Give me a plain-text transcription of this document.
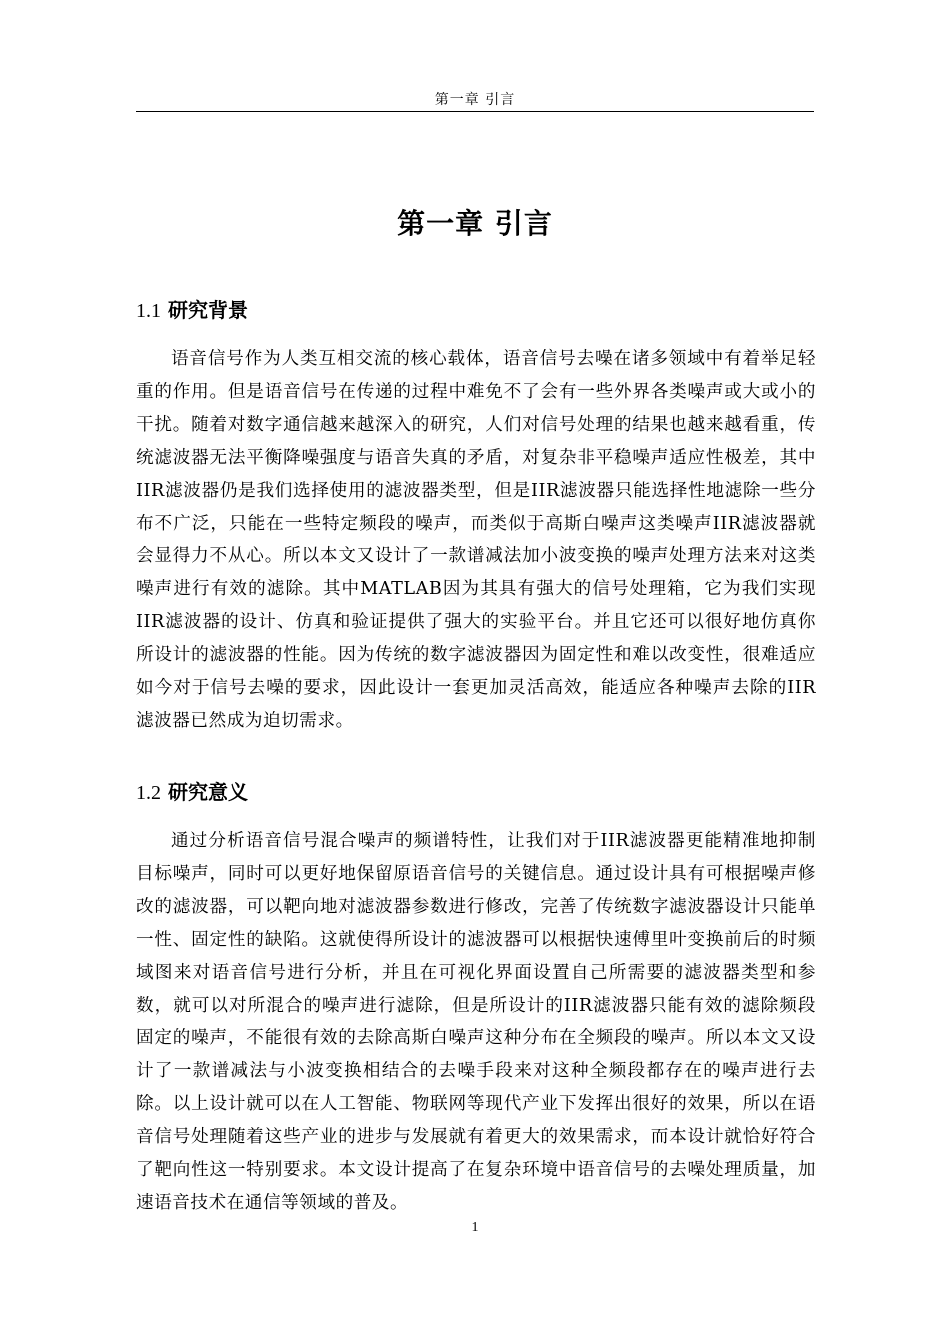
第一章 引言
第一章 引言
1.1 研究背景

语音信号作为人类互相交流的核心载体，语音信号去噪在诸多领域中有着举足轻重的作用。但是语音信号在传递的过程中难免不了会有一些外界各类噪声或大或小的干扰。随着对数字通信越来越深入的研究，人们对信号处理的结果也越来越看重，传统滤波器无法平衡降噪强度与语音失真的矛盾，对复杂非平稳噪声适应性极差，其中IIR滤波器仍是我们选择使用的滤波器类型，但是IIR滤波器只能选择性地滤除一些分布不广泛，只能在一些特定频段的噪声，而类似于高斯白噪声这类噪声IIR滤波器就会显得力不从心。所以本文又设计了一款谱减法加小波变换的噪声处理方法来对这类噪声进行有效的滤除。其中MATLAB因为其具有强大的信号处理箱，它为我们实现IIR滤波器的设计、仿真和验证提供了强大的实验平台。并且它还可以很好地仿真你所设计的滤波器的性能。因为传统的数字滤波器因为固定性和难以改变性，很难适应如今对于信号去噪的要求，因此设计一套更加灵活高效，能适应各种噪声去除的IIR滤波器已然成为迫切需求。

1.2 研究意义

通过分析语音信号混合噪声的频谱特性，让我们对于IIR滤波器更能精准地抑制目标噪声，同时可以更好地保留原语音信号的关键信息。通过设计具有可根据噪声修改的滤波器，可以靶向地对滤波器参数进行修改，完善了传统数字滤波器设计只能单一性、固定性的缺陷。这就使得所设计的滤波器可以根据快速傅里叶变换前后的时频域图来对语音信号进行分析，并且在可视化界面设置自己所需要的滤波器类型和参数，就可以对所混合的噪声进行滤除，但是所设计的IIR滤波器只能有效的滤除频段固定的噪声，不能很有效的去除高斯白噪声这种分布在全频段的噪声。所以本文又设计了一款谱减法与小波变换相结合的去噪手段来对这种全频段都存在的噪声进行去除。以上设计就可以在人工智能、物联网等现代产业下发挥出很好的效果，所以在语音信号处理随着这些产业的进步与发展就有着更大的效果需求，而本设计就恰好符合了靶向性这一特别要求。本文设计提高了在复杂环境中语音信号的去噪处理质量，加速语音技术在通信等领域的普及。

1
